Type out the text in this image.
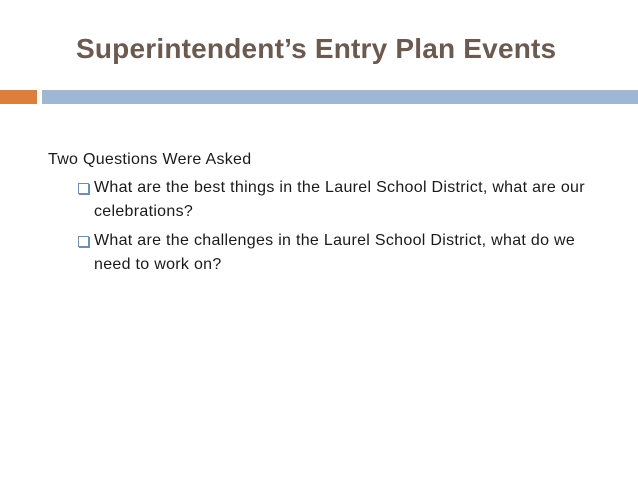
Superintendent’s Entry Plan Events
Two Questions Were Asked
What are the best things in the Laurel School District, what are our celebrations?
What are the challenges in the Laurel School District, what do we need to work on?
